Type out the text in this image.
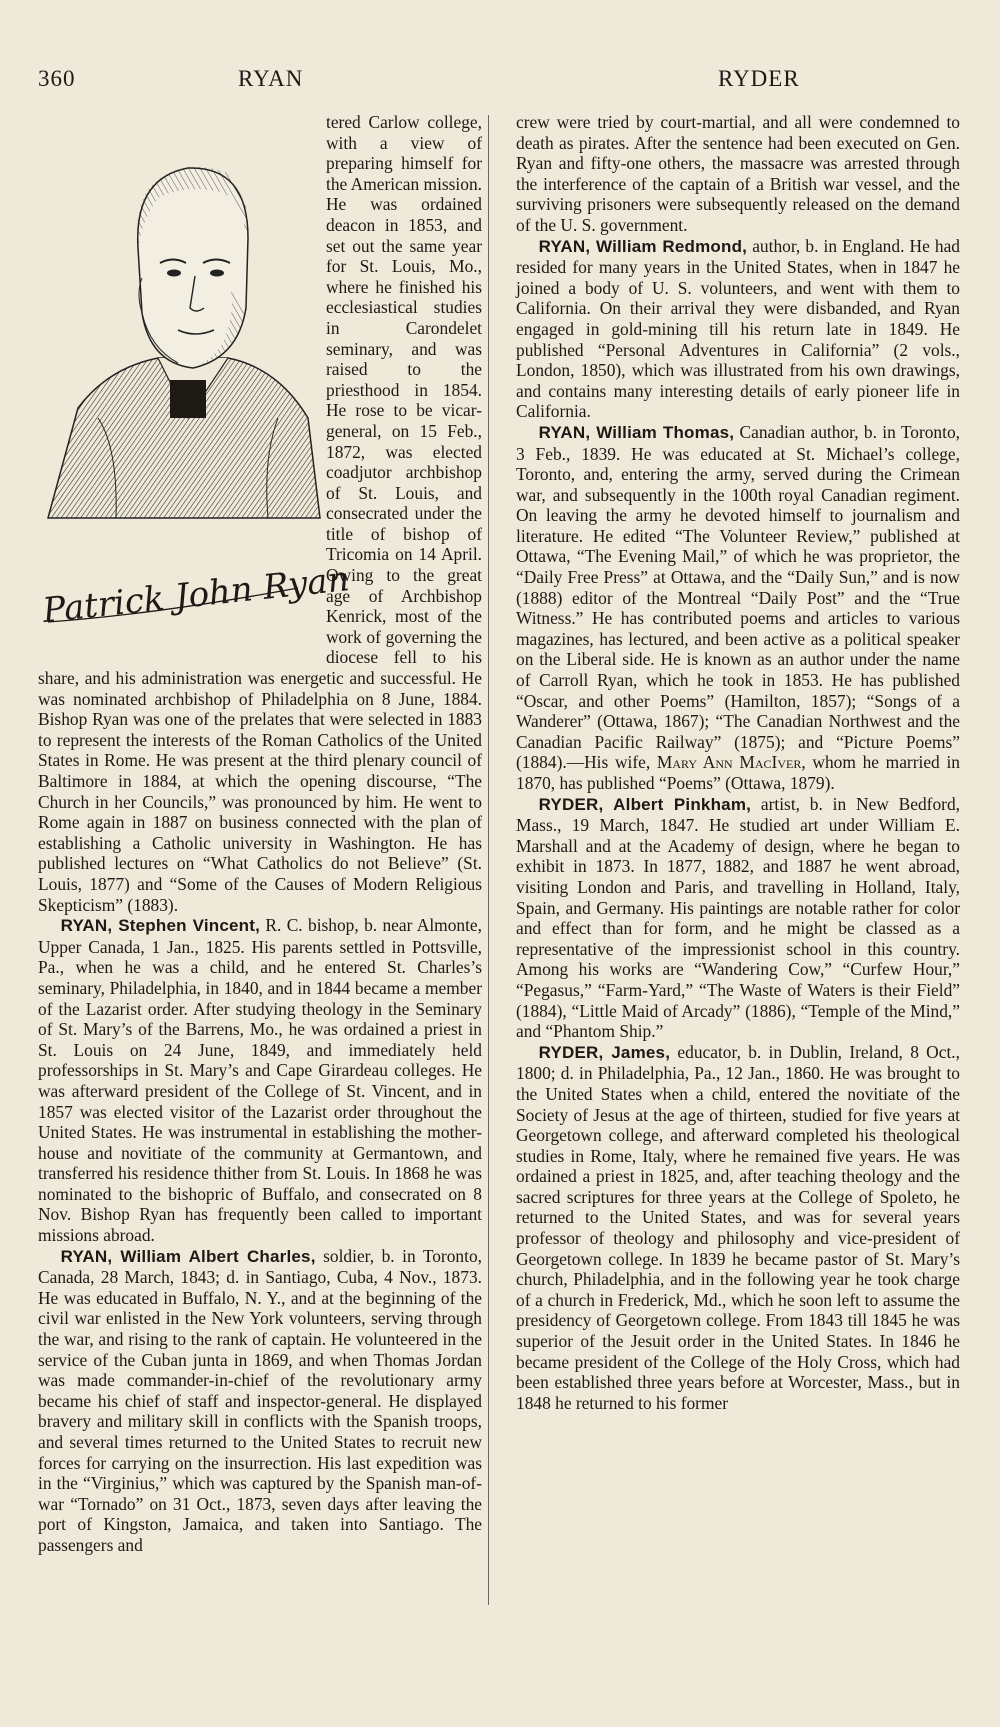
360	RYAN	RYDER

Patrick John Ryan
tered Carlow college, with a view of preparing himself for the American mission. He was ordained deacon in 1853, and set out the same year for St. Louis, Mo., where he finished his ecclesiastical studies in Carondelet seminary, and was raised to the priesthood in 1854. He rose to be vicar-general, on 15 Feb., 1872, was elected coadjutor archbishop of St. Louis, and consecrated under the title of bishop of Tricomia on 14 April. Owing to the great age of Archbishop Kenrick, most of the work of governing the diocese fell to his share, and his administration was energetic and successful. He was nominated archbishop of Philadelphia on 8 June, 1884. Bishop Ryan was one of the prelates that were selected in 1883 to represent the interests of the Roman Catholics of the United States in Rome. He was present at the third plenary council of Baltimore in 1884, at which the opening discourse, “The Church in her Councils,” was pronounced by him. He went to Rome again in 1887 on business connected with the plan of establishing a Catholic university in Washington. He has published lectures on “What Catholics do not Believe” (St. Louis, 1877) and “Some of the Causes of Modern Religious Skepticism” (1883).

RYAN, Stephen Vincent, R. C. bishop, b. near Almonte, Upper Canada, 1 Jan., 1825. His parents settled in Pottsville, Pa., when he was a child, and he entered St. Charles’s seminary, Philadelphia, in 1840, and in 1844 became a member of the Lazarist order. After studying theology in the Seminary of St. Mary’s of the Barrens, Mo., he was ordained a priest in St. Louis on 24 June, 1849, and immediately held professorships in St. Mary’s and Cape Girardeau colleges. He was afterward president of the College of St. Vincent, and in 1857 was elected visitor of the Lazarist order throughout the United States. He was instrumental in establishing the mother-house and novitiate of the community at Germantown, and transferred his residence thither from St. Louis. In 1868 he was nominated to the bishopric of Buffalo, and consecrated on 8 Nov. Bishop Ryan has frequently been called to important missions abroad.

RYAN, William Albert Charles, soldier, b. in Toronto, Canada, 28 March, 1843; d. in Santiago, Cuba, 4 Nov., 1873. He was educated in Buffalo, N. Y., and at the beginning of the civil war enlisted in the New York volunteers, serving through the war, and rising to the rank of captain. He volunteered in the service of the Cuban junta in 1869, and when Thomas Jordan was made commander-in-chief of the revolutionary army became his chief of staff and inspector-general. He displayed bravery and military skill in conflicts with the Spanish troops, and several times returned to the United States to recruit new forces for carrying on the insurrection. His last expedition was in the “Virginius,” which was captured by the Spanish man-of-war “Tornado” on 31 Oct., 1873, seven days after leaving the port of Kingston, Jamaica, and taken into Santiago. The passengers and

crew were tried by court-martial, and all were condemned to death as pirates. After the sentence had been executed on Gen. Ryan and fifty-one others, the massacre was arrested through the interference of the captain of a British war vessel, and the surviving prisoners were subsequently released on the demand of the U. S. government.

RYAN, William Redmond, author, b. in England. He had resided for many years in the United States, when in 1847 he joined a body of U. S. volunteers, and went with them to California. On their arrival they were disbanded, and Ryan engaged in gold-mining till his return late in 1849. He published “Personal Adventures in California” (2 vols., London, 1850), which was illustrated from his own drawings, and contains many interesting details of early pioneer life in California.

RYAN, William Thomas, Canadian author, b. in Toronto, 3 Feb., 1839. He was educated at St. Michael’s college, Toronto, and, entering the army, served during the Crimean war, and subsequently in the 100th royal Canadian regiment. On leaving the army he devoted himself to journalism and literature. He edited “The Volunteer Review,” published at Ottawa, “The Evening Mail,” of which he was proprietor, the “Daily Free Press” at Ottawa, and the “Daily Sun,” and is now (1888) editor of the Montreal “Daily Post” and the “True Witness.” He has contributed poems and articles to various magazines, has lectured, and been active as a political speaker on the Liberal side. He is known as an author under the name of Carroll Ryan, which he took in 1853. He has published “Oscar, and other Poems” (Hamilton, 1857); “Songs of a Wanderer” (Ottawa, 1867); “The Canadian Northwest and the Canadian Pacific Railway” (1875); and “Picture Poems” (1884).—His wife, Mary Ann MacIver, whom he married in 1870, has published “Poems” (Ottawa, 1879).

RYDER, Albert Pinkham, artist, b. in New Bedford, Mass., 19 March, 1847. He studied art under William E. Marshall and at the Academy of design, where he began to exhibit in 1873. In 1877, 1882, and 1887 he went abroad, visiting London and Paris, and travelling in Holland, Italy, Spain, and Germany. His paintings are notable rather for color and effect than for form, and he might be classed as a representative of the impressionist school in this country. Among his works are “Wandering Cow,” “Curfew Hour,” “Pegasus,” “Farm-Yard,” “The Waste of Waters is their Field” (1884), “Little Maid of Arcady” (1886), “Temple of the Mind,” and “Phantom Ship.”

RYDER, James, educator, b. in Dublin, Ireland, 8 Oct., 1800; d. in Philadelphia, Pa., 12 Jan., 1860. He was brought to the United States when a child, entered the novitiate of the Society of Jesus at the age of thirteen, studied for five years at Georgetown college, and afterward completed his theological studies in Rome, Italy, where he remained five years. He was ordained a priest in 1825, and, after teaching theology and the sacred scriptures for three years at the College of Spoleto, he returned to the United States, and was for several years professor of theology and philosophy and vice-president of Georgetown college. In 1839 he became pastor of St. Mary’s church, Philadelphia, and in the following year he took charge of a church in Frederick, Md., which he soon left to assume the presidency of Georgetown college. From 1843 till 1845 he was superior of the Jesuit order in the United States. In 1846 he became president of the College of the Holy Cross, which had been established three years before at Worcester, Mass., but in 1848 he returned to his former
